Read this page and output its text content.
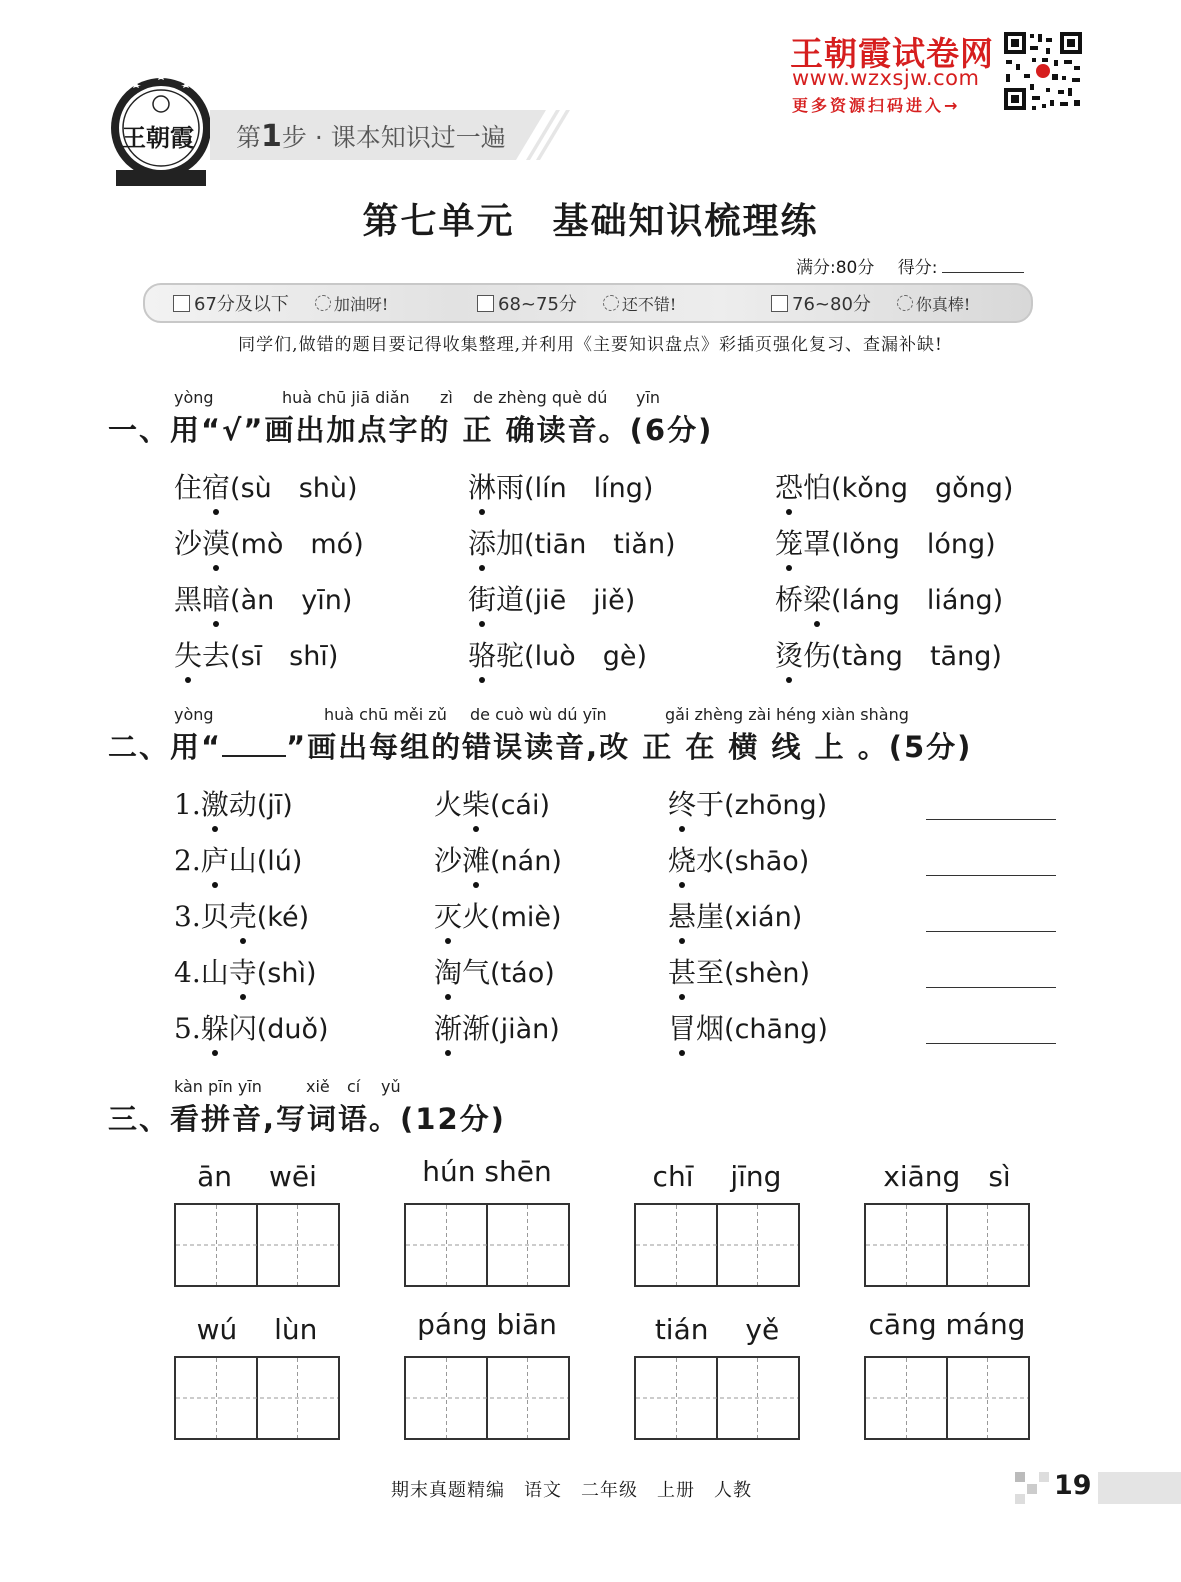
王朝霞
王朝霞试卷网
www.wzxsjw.com
更多资源扫码进入→
第1步 · 课本知识过一遍
第七单元　基础知识梳理练
满分:80分 得分:
67分及以下	加油呀!	68~75分	还不错!	76~80分	你真棒!
同学们,做错的题目要记得收集整理,并利用《主要知识盘点》彩插页强化复习、查漏补缺!
yòng	huà chū jiā diǎn zì de zhèng què dú yīn
一、用“√”画出加点字的 正 确读音。(6分)
住宿(sù　shù)	淋雨(lín　líng)	恐怕(kǒng　gǒng)
沙漠(mò　mó)	添加(tiān　tiǎn)	笼罩(lǒng　lóng)
黑暗(àn　yīn)	街道(jiē　jiě)	桥梁(láng　liáng)
失去(sī　shī)	骆驼(luò　gè)	烫伤(tàng　tāng)
yòng	huà chū měi zǔ de cuò wù dú yīn	gǎi zhèng zài héng xiàn shàng
二、用“ ”画出每组的错误读音,改 正 在 横 线 上 。(5分)
1.激动(jī)	火柴(cái)	终于(zhōng)
2.庐山(lú)	沙滩(nán)	烧水(shāo)
3.贝壳(ké)	灭火(miè)	悬崖(xián)
4.山寺(shì)	淘气(táo)	甚至(shèn)
5.躲闪(duǒ)	渐渐(jiàn)	冒烟(chāng)
kàn pīn yīn	xiě cí yǔ
三、看拼音,写词语。(12分)
ān　 wēi	hún shēn	chī　 jīng	xiāng　sì
wú　 lùn	páng biān	tián　 yě	cāng máng
期末真题精编　语文　二年级　上册　人教	19
